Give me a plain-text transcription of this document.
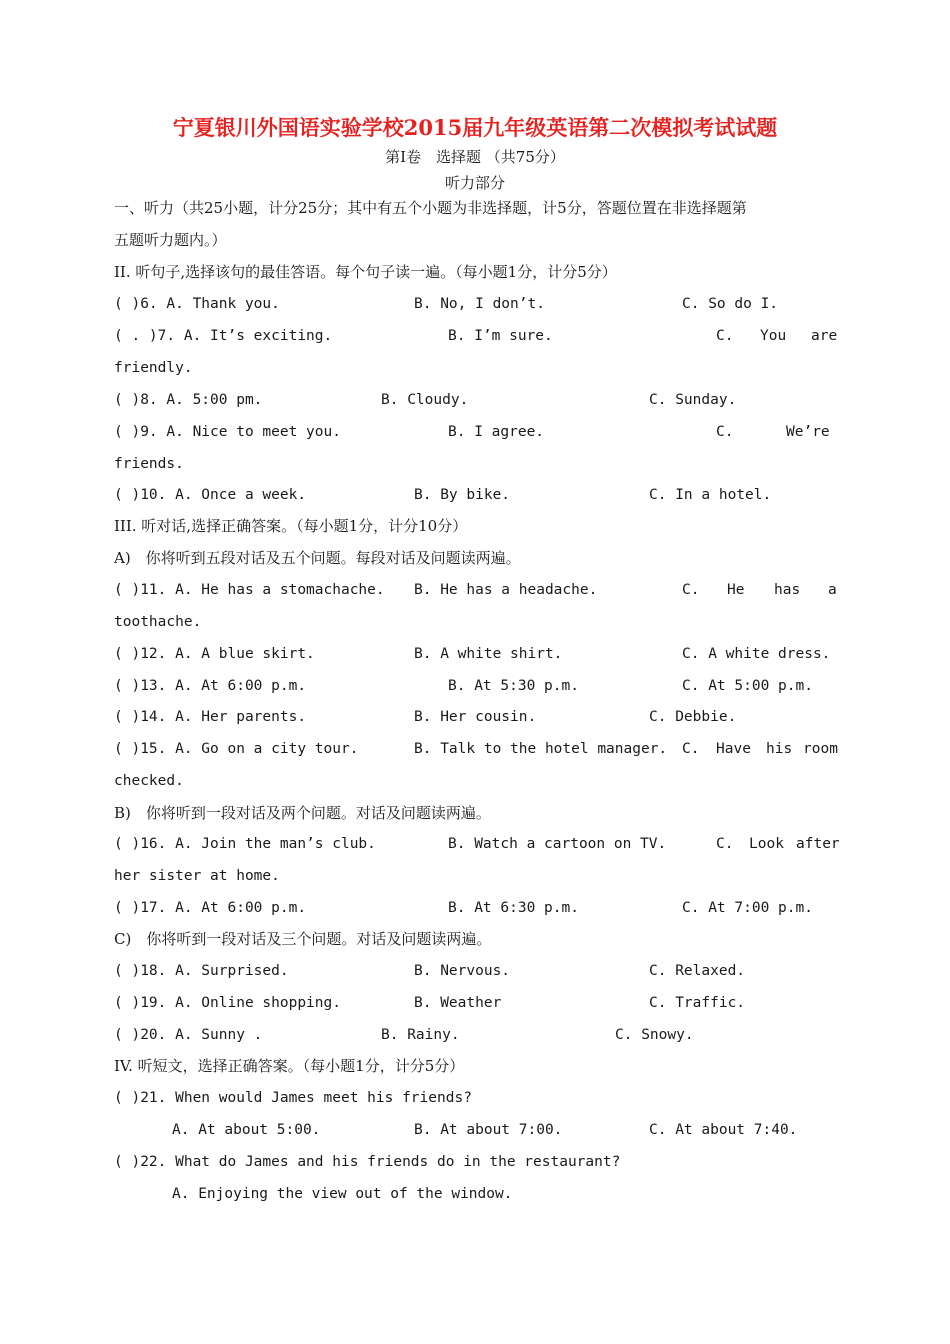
宁夏银川外国语实验学校2015届九年级英语第二次模拟考试试题
第Ⅰ卷　选择题 （共75分）
听力部分
一、听力（共25小题，计分25分；其中有五个小题为非选择题，计5分，答题位置在非选择题第
五题听力题内。）
II. 听句子,选择该句的最佳答语。每个句子读一遍。（每小题1分，计分5分）
( )6. A. Thank you.	B. No, I don’t.	C. So do I.
( . )7. A. It’s exciting.	B. I’m sure.	C. You are
friendly.
( )8. A. 5:00 pm.	B. Cloudy.	C. Sunday.
( )9. A. Nice to meet you.	B. I agree.	C.	We’re
friends.
( )10. A. Once a week.	B. By bike.	C. In a hotel.
III. 听对话,选择正确答案。（每小题1分，计分10分）
A)　你将听到五段对话及五个问题。每段对话及问题读两遍。
( )11. A. He has a stomachache. B. He has a headache.	C. He has a
toothache.
( )12. A. A blue skirt.	B. A white shirt.	C. A white dress.
( )13. A. At 6:00 p.m.	B. At 5:30 p.m.	C. At 5:00 p.m.
( )14. A. Her parents.	B. Her cousin.	C. Debbie.
( )15. A. Go on a city tour.	B. Talk to the hotel manager. C. Have his room
checked.
B)　你将听到一段对话及两个问题。对话及问题读两遍。
( )16. A. Join the man’s club.	B. Watch a cartoon on TV.	C. Look after
her sister at home.
( )17. A. At 6:00 p.m.	B. At 6:30 p.m.	C. At 7:00 p.m.
C)　你将听到一段对话及三个问题。对话及问题读两遍。
( )18. A. Surprised.	B. Nervous.	C. Relaxed.
( )19. A. Online shopping.	B. Weather	C. Traffic.
( )20. A. Sunny .	B. Rainy.	C. Snowy.
IV. 听短文，选择正确答案。（每小题1分，计分5分）
( )21. When would James meet his friends?
A. At about 5:00.	B. At about 7:00.	C. At about 7:40.
( )22. What do James and his friends do in the restaurant?
A. Enjoying the view out of the window.
